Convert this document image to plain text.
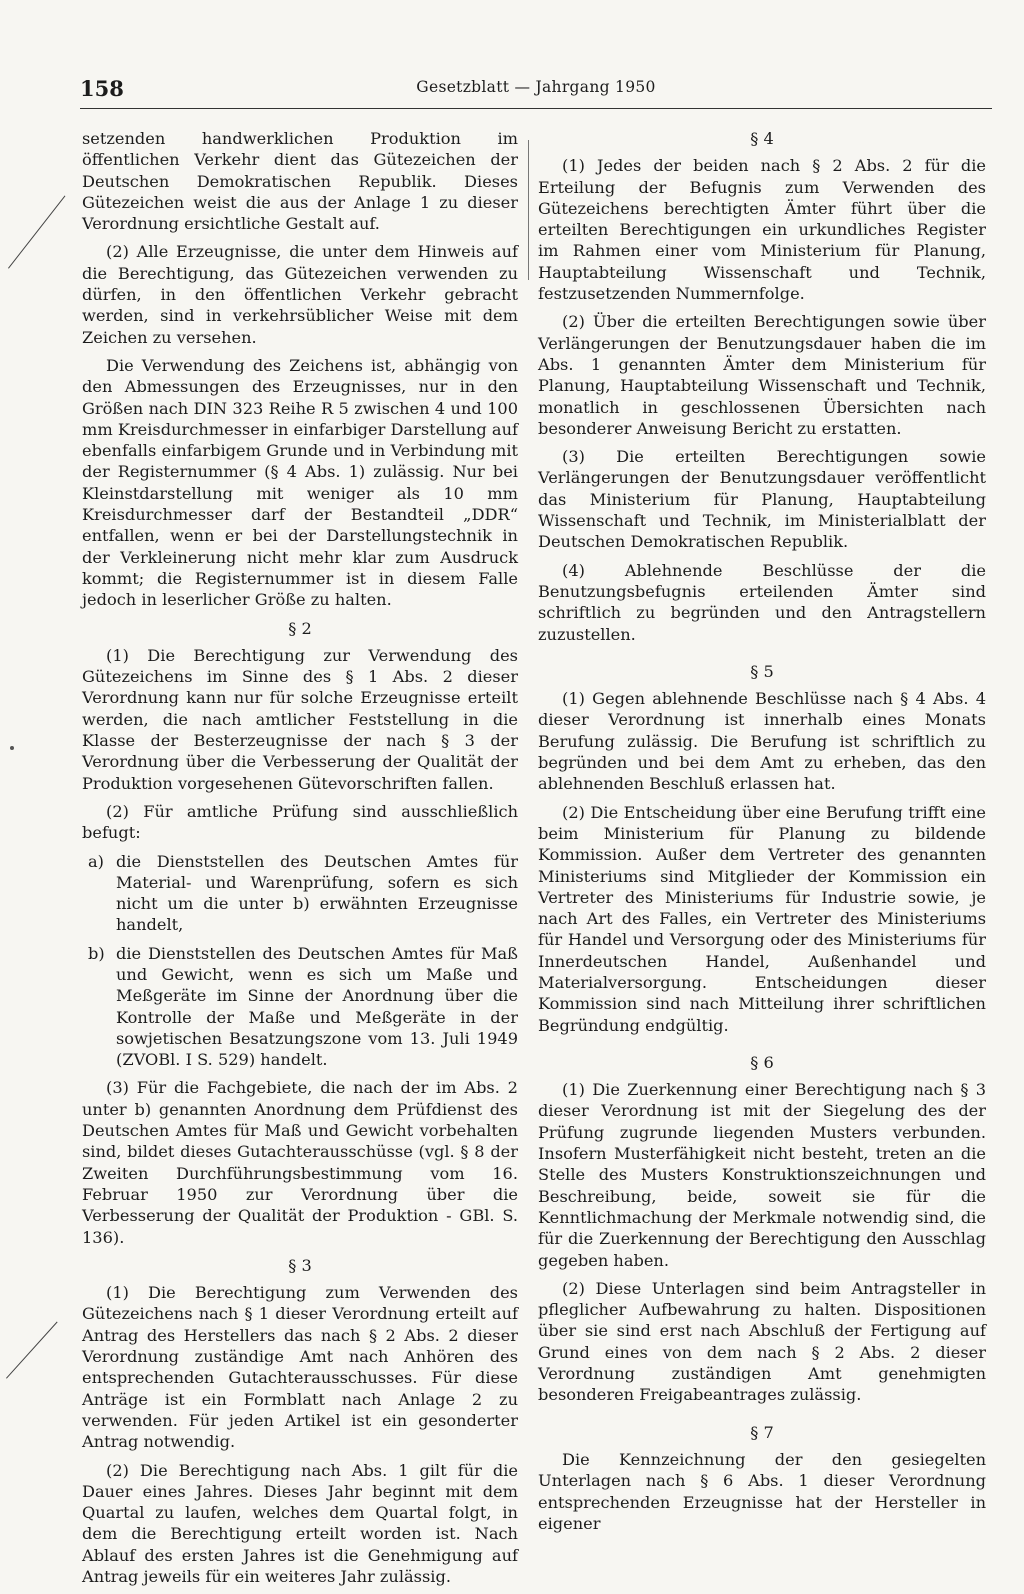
158	Gesetzblatt — Jahrgang 1950

setzenden handwerklichen Produktion im öffentlichen Verkehr dient das Gütezeichen der Deutschen Demokratischen Republik. Dieses Gütezeichen weist die aus der Anlage 1 zu dieser Verordnung ersichtliche Gestalt auf.

(2) Alle Erzeugnisse, die unter dem Hinweis auf die Berechtigung, das Gütezeichen verwenden zu dürfen, in den öffentlichen Verkehr gebracht werden, sind in verkehrsüblicher Weise mit dem Zeichen zu versehen.

Die Verwendung des Zeichens ist, abhängig von den Abmessungen des Erzeugnisses, nur in den Größen nach DIN 323 Reihe R 5 zwischen 4 und 100 mm Kreisdurchmesser in einfarbiger Darstellung auf ebenfalls einfarbigem Grunde und in Verbindung mit der Registernummer (§ 4 Abs. 1) zulässig. Nur bei Kleinstdarstellung mit weniger als 10 mm Kreisdurchmesser darf der Bestandteil „DDR“ entfallen, wenn er bei der Darstellungstechnik in der Verkleinerung nicht mehr klar zum Ausdruck kommt; die Registernummer ist in diesem Falle jedoch in leserlicher Größe zu halten.

§ 2

(1) Die Berechtigung zur Verwendung des Gütezeichens im Sinne des § 1 Abs. 2 dieser Verordnung kann nur für solche Erzeugnisse erteilt werden, die nach amtlicher Feststellung in die Klasse der Besterzeugnisse der nach § 3 der Verordnung über die Verbesserung der Qualität der Produktion vorgesehenen Gütevorschriften fallen.

(2) Für amtliche Prüfung sind ausschließlich befugt:

a) die Dienststellen des Deutschen Amtes für Material- und Warenprüfung, sofern es sich nicht um die unter b) erwähnten Erzeugnisse handelt,
b) die Dienststellen des Deutschen Amtes für Maß und Gewicht, wenn es sich um Maße und Meßgeräte im Sinne der Anordnung über die Kontrolle der Maße und Meßgeräte in der sowjetischen Besatzungszone vom 13. Juli 1949 (ZVOBl. I S. 529) handelt.

(3) Für die Fachgebiete, die nach der im Abs. 2 unter b) genannten Anordnung dem Prüfdienst des Deutschen Amtes für Maß und Gewicht vorbehalten sind, bildet dieses Gutachterausschüsse (vgl. § 8 der Zweiten Durchführungsbestimmung vom 16. Februar 1950 zur Verordnung über die Verbesserung der Qualität der Produktion - GBl. S. 136).

§ 3

(1) Die Berechtigung zum Verwenden des Gütezeichens nach § 1 dieser Verordnung erteilt auf Antrag des Herstellers das nach § 2 Abs. 2 dieser Verordnung zuständige Amt nach Anhören des entsprechenden Gutachterausschusses. Für diese Anträge ist ein Formblatt nach Anlage 2 zu verwenden. Für jeden Artikel ist ein gesonderter Antrag notwendig.

(2) Die Berechtigung nach Abs. 1 gilt für die Dauer eines Jahres. Dieses Jahr beginnt mit dem Quartal zu laufen, welches dem Quartal folgt, in dem die Berechtigung erteilt worden ist. Nach Ablauf des ersten Jahres ist die Genehmigung auf Antrag jeweils für ein weiteres Jahr zulässig.

§ 4

(1) Jedes der beiden nach § 2 Abs. 2 für die Erteilung der Befugnis zum Verwenden des Gütezeichens berechtigten Ämter führt über die erteilten Berechtigungen ein urkundliches Register im Rahmen einer vom Ministerium für Planung, Hauptabteilung Wissenschaft und Technik, festzusetzenden Nummernfolge.

(2) Über die erteilten Berechtigungen sowie über Verlängerungen der Benutzungsdauer haben die im Abs. 1 genannten Ämter dem Ministerium für Planung, Hauptabteilung Wissenschaft und Technik, monatlich in geschlossenen Übersichten nach besonderer Anweisung Bericht zu erstatten.

(3) Die erteilten Berechtigungen sowie Verlängerungen der Benutzungsdauer veröffentlicht das Ministerium für Planung, Hauptabteilung Wissenschaft und Technik, im Ministerialblatt der Deutschen Demokratischen Republik.

(4) Ablehnende Beschlüsse der die Benutzungsbefugnis erteilenden Ämter sind schriftlich zu begründen und den Antragstellern zuzustellen.

§ 5

(1) Gegen ablehnende Beschlüsse nach § 4 Abs. 4 dieser Verordnung ist innerhalb eines Monats Berufung zulässig. Die Berufung ist schriftlich zu begründen und bei dem Amt zu erheben, das den ablehnenden Beschluß erlassen hat.

(2) Die Entscheidung über eine Berufung trifft eine beim Ministerium für Planung zu bildende Kommission. Außer dem Vertreter des genannten Ministeriums sind Mitglieder der Kommission ein Vertreter des Ministeriums für Industrie sowie, je nach Art des Falles, ein Vertreter des Ministeriums für Handel und Versorgung oder des Ministeriums für Innerdeutschen Handel, Außenhandel und Materialversorgung. Entscheidungen dieser Kommission sind nach Mitteilung ihrer schriftlichen Begründung endgültig.

§ 6

(1) Die Zuerkennung einer Berechtigung nach § 3 dieser Verordnung ist mit der Siegelung des der Prüfung zugrunde liegenden Musters verbunden. Insofern Musterfähigkeit nicht besteht, treten an die Stelle des Musters Konstruktionszeichnungen und Beschreibung, beide, soweit sie für die Kenntlichmachung der Merkmale notwendig sind, die für die Zuerkennung der Berechtigung den Ausschlag gegeben haben.

(2) Diese Unterlagen sind beim Antragsteller in pfleglicher Aufbewahrung zu halten. Dispositionen über sie sind erst nach Abschluß der Fertigung auf Grund eines von dem nach § 2 Abs. 2 dieser Verordnung zuständigen Amt genehmigten besonderen Freigabeantrages zulässig.

§ 7

Die Kennzeichnung der den gesiegelten Unterlagen nach § 6 Abs. 1 dieser Verordnung entsprechenden Erzeugnisse hat der Hersteller in eigener
